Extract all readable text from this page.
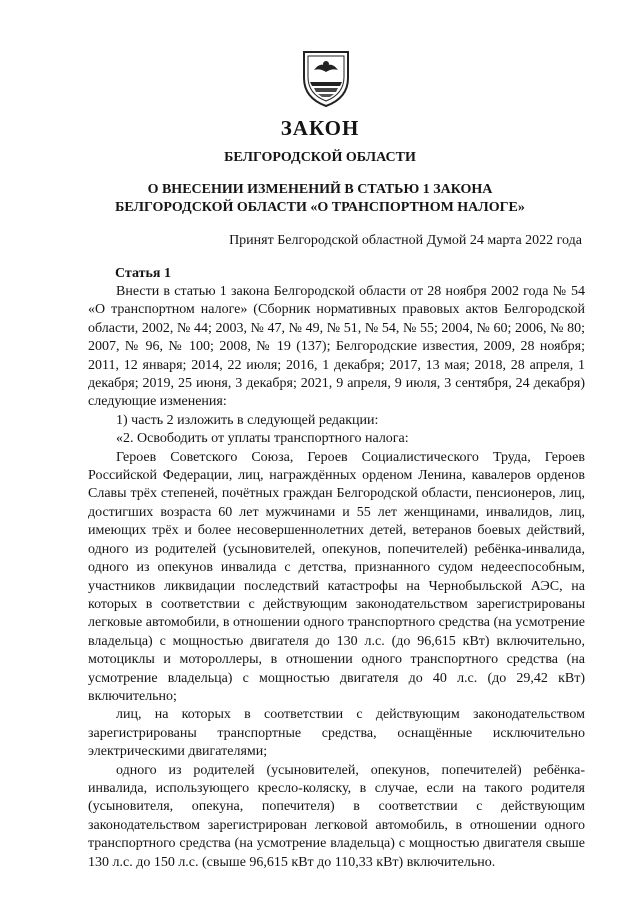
ЗАКОН
БЕЛГОРОДСКОЙ ОБЛАСТИ
О ВНЕСЕНИИ ИЗМЕНЕНИЙ В СТАТЬЮ 1 ЗАКОНА
БЕЛГОРОДСКОЙ ОБЛАСТИ «О ТРАНСПОРТНОМ НАЛОГЕ»

Принят Белгородской областной Думой 24 марта 2022 года

Статья 1

Внести в статью 1 закона Белгородской области от 28 ноября 2002 года № 54 «О транспортном налоге» (Сборник нормативных правовых актов Белгородской области, 2002, № 44; 2003, № 47, № 49, № 51, № 54, № 55; 2004, № 60; 2006, № 80; 2007, № 96, № 100; 2008, № 19 (137); Белгородские известия, 2009, 28 ноября; 2011, 12 января; 2014, 22 июля; 2016, 1 декабря; 2017, 13 мая; 2018, 28 апреля, 1 декабря; 2019, 25 июня, 3 декабря; 2021, 9 апреля, 9 июля, 3 сентября, 24 декабря) следующие изменения:

1) часть 2 изложить в следующей редакции:

«2. Освободить от уплаты транспортного налога:

Героев Советского Союза, Героев Социалистического Труда, Героев Российской Федерации, лиц, награждённых орденом Ленина, кавалеров орденов Славы трёх степеней, почётных граждан Белгородской области, пенсионеров, лиц, достигших возраста 60 лет мужчинами и 55 лет женщинами, инвалидов, лиц, имеющих трёх и более несовершеннолетних детей, ветеранов боевых действий, одного из родителей (усыновителей, опекунов, попечителей) ребёнка-инвалида, одного из опекунов инвалида с детства, признанного судом недееспособным, участников ликвидации последствий катастрофы на Чернобыльской АЭС, на которых в соответствии с действующим законодательством зарегистрированы легковые автомобили, в отношении одного транспортного средства (на усмотрение владельца) с мощностью двигателя до 130 л.с. (до 96,615 кВт) включительно, мотоциклы и мотороллеры, в отношении одного транспортного средства (на усмотрение владельца) с мощностью двигателя до 40 л.с. (до 29,42 кВт) включительно;

лиц, на которых в соответствии с действующим законодательством зарегистрированы транспортные средства, оснащённые исключительно электрическими двигателями;

одного из родителей (усыновителей, опекунов, попечителей) ребёнка-инвалида, использующего кресло-коляску, в случае, если на такого родителя (усыновителя, опекуна, попечителя) в соответствии с действующим законодательством зарегистрирован легковой автомобиль, в отношении одного транспортного средства (на усмотрение владельца) с мощностью двигателя свыше 130 л.с. до 150 л.с. (свыше 96,615 кВт до 110,33 кВт) включительно.
